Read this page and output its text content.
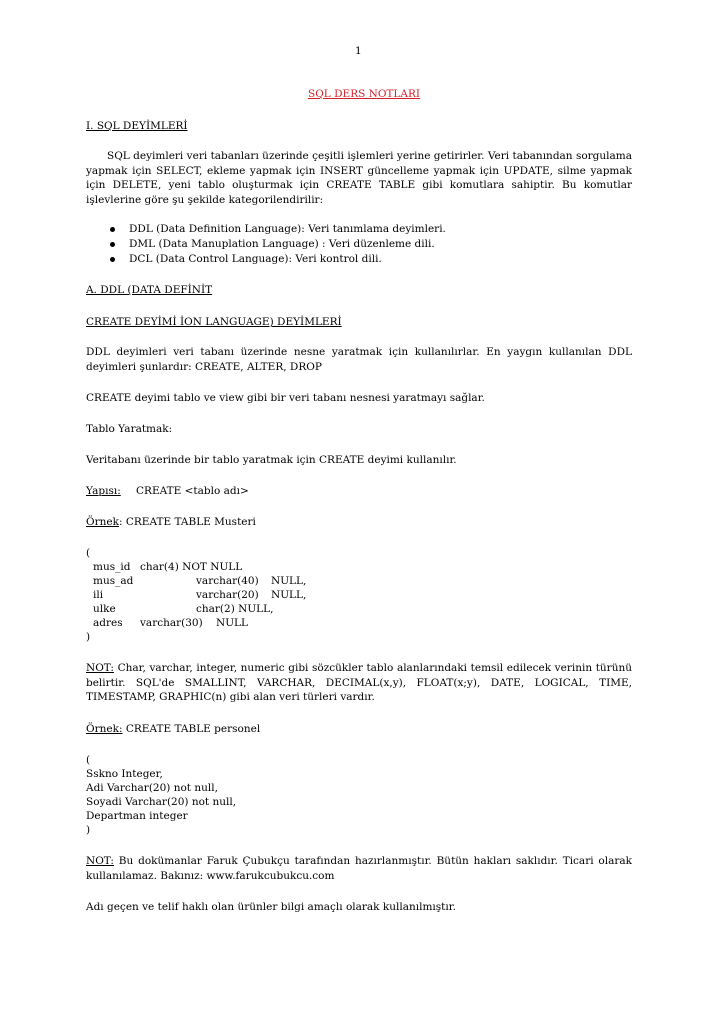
1
SQL DERS NOTLARI
I. SQL DEYİMLERİ
SQL deyimleri veri tabanları üzerinde çeşitli işlemleri yerine getirirler. Veri tabanından sorgulama yapmak için SELECT, ekleme yapmak için INSERT güncelleme yapmak için UPDATE, silme yapmak için DELETE, yeni tablo oluşturmak için CREATE TABLE gibi komutlara sahiptir. Bu komutlar işlevlerine göre şu şekilde kategorilendirilir:
DDL (Data Definition Language): Veri tanımlama deyimleri.
DML (Data Manuplation Language) : Veri düzenleme dili.
DCL (Data Control Language): Veri kontrol dili.
A. DDL (DATA DEFİNİT
CREATE DEYİMİ İON LANGUAGE) DEYİMLERİ
DDL deyimleri veri tabanı üzerinde nesne yaratmak için kullanılırlar. En yaygın kullanılan DDL deyimleri şunlardır: CREATE, ALTER, DROP
CREATE deyimi tablo ve view gibi bir veri tabanı nesnesi yaratmayı sağlar.
Tablo Yaratmak:
Veritabanı üzerinde bir tablo yaratmak için CREATE deyimi kullanılır.
Yapısı: CREATE <tablo adı>
Örnek: CREATE TABLE Musteri
(
mus_id char(4) NOT NULL
mus_ad	varchar(40) NULL,
ili	varchar(20) NULL,
ulke	char(2) NULL,
adres varchar(30) NULL
)
NOT: Char, varchar, integer, numeric gibi sözcükler tablo alanlarındaki temsil edilecek verinin türünü belirtir. SQL'de SMALLINT, VARCHAR, DECIMAL(x,y), FLOAT(x;y), DATE, LOGICAL, TIME, TIMESTAMP, GRAPHIC(n) gibi alan veri türleri vardır.
Örnek: CREATE TABLE personel
(
Sskno Integer,
Adi Varchar(20) not null,
Soyadi Varchar(20) not null,
Departman integer
)
NOT: Bu dokümanlar Faruk Çubukçu tarafından hazırlanmıştır. Bütün hakları saklıdır. Ticari olarak kullanılamaz. Bakınız: www.farukcubukcu.com
Adı geçen ve telif haklı olan ürünler bilgi amaçlı olarak kullanılmıştır.
